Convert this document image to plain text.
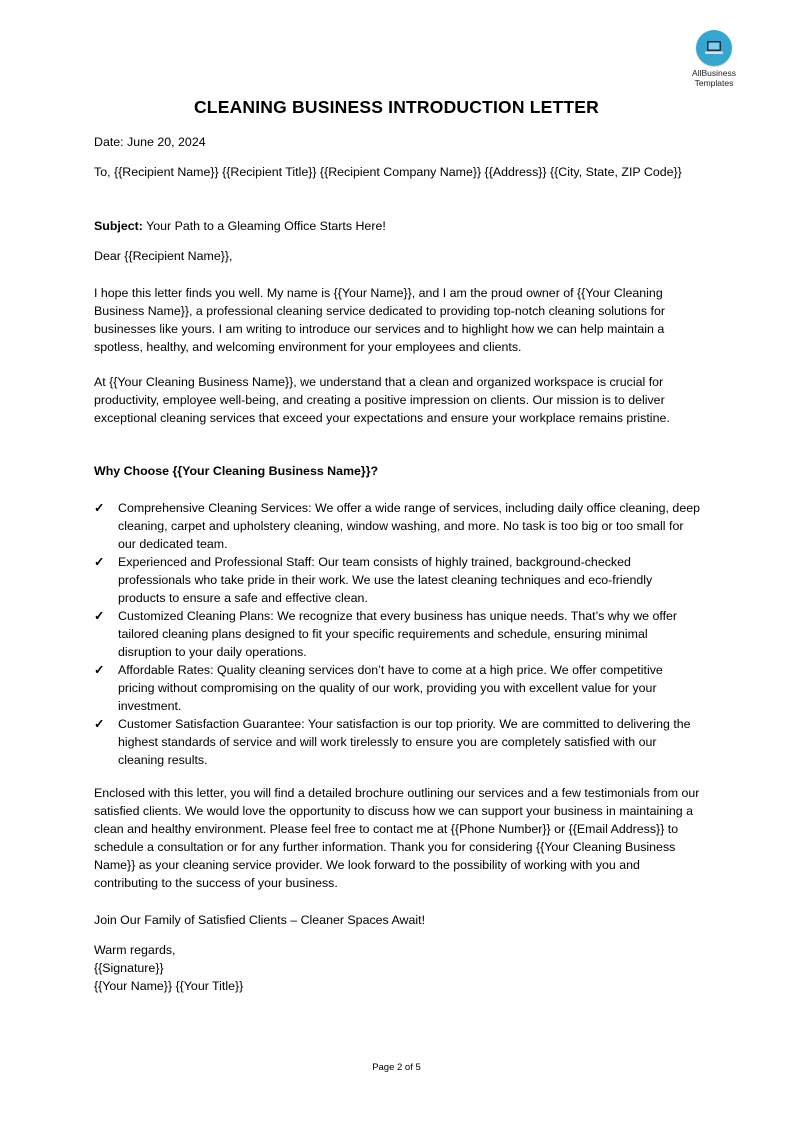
AllBusiness
Templates
CLEANING BUSINESS INTRODUCTION LETTER

Date: June 20, 2024

To, {{Recipient Name}} {{Recipient Title}} {{Recipient Company Name}} {{Address}} {{City, State, ZIP Code}}

Subject: Your Path to a Gleaming Office Starts Here!

Dear {{Recipient Name}},

I hope this letter finds you well. My name is {{Your Name}}, and I am the proud owner of {{Your Cleaning Business Name}}, a professional cleaning service dedicated to providing top-notch cleaning solutions for businesses like yours. I am writing to introduce our services and to highlight how we can help maintain a spotless, healthy, and welcoming environment for your employees and clients.

At {{Your Cleaning Business Name}}, we understand that a clean and organized workspace is crucial for productivity, employee well-being, and creating a positive impression on clients. Our mission is to deliver exceptional cleaning services that exceed your expectations and ensure your workplace remains pristine.

Why Choose {{Your Cleaning Business Name}}?

✓ Comprehensive Cleaning Services: We offer a wide range of services, including daily office cleaning, deep cleaning, carpet and upholstery cleaning, window washing, and more. No task is too big or too small for our dedicated team.
✓ Experienced and Professional Staff: Our team consists of highly trained, background-checked professionals who take pride in their work. We use the latest cleaning techniques and eco-friendly products to ensure a safe and effective clean.
✓ Customized Cleaning Plans: We recognize that every business has unique needs. That’s why we offer tailored cleaning plans designed to fit your specific requirements and schedule, ensuring minimal disruption to your daily operations.
✓ Affordable Rates: Quality cleaning services don’t have to come at a high price. We offer competitive pricing without compromising on the quality of our work, providing you with excellent value for your investment.
✓ Customer Satisfaction Guarantee: Your satisfaction is our top priority. We are committed to delivering the highest standards of service and will work tirelessly to ensure you are completely satisfied with our cleaning results.

Enclosed with this letter, you will find a detailed brochure outlining our services and a few testimonials from our satisfied clients. We would love the opportunity to discuss how we can support your business in maintaining a clean and healthy environment. Please feel free to contact me at {{Phone Number}} or {{Email Address}} to schedule a consultation or for any further information. Thank you for considering {{Your Cleaning Business Name}} as your cleaning service provider. We look forward to the possibility of working with you and contributing to the success of your business.

Join Our Family of Satisfied Clients – Cleaner Spaces Await!

Warm regards,
{{Signature}}
{{Your Name}} {{Your Title}}
Page 2 of 5
